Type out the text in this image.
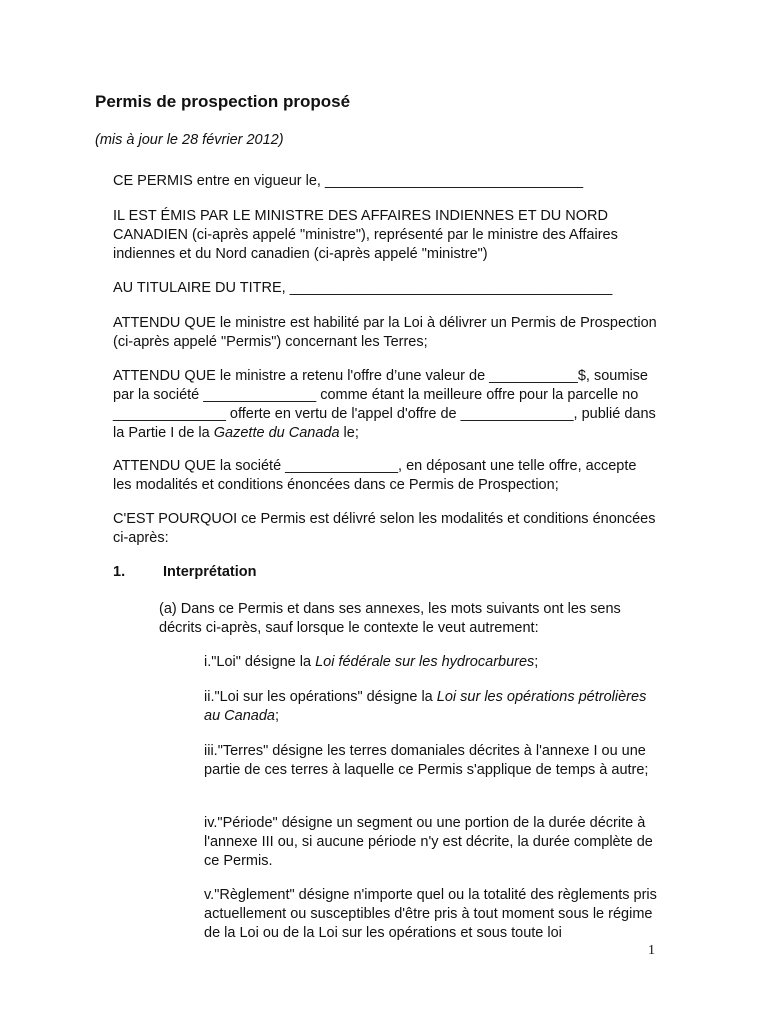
Permis de prospection proposé

(mis à jour le 28 février 2012)

CE PERMIS entre en vigueur le, ________________________________

IL EST ÉMIS PAR LE MINISTRE DES AFFAIRES INDIENNES ET DU NORD CANADIEN (ci-après appelé "ministre"), représenté par le ministre des Affaires indiennes et du Nord canadien (ci-après appelé "ministre")

AU TITULAIRE DU TITRE, ________________________________________

ATTENDU QUE le ministre est habilité par la Loi à délivrer un Permis de Prospection (ci-après appelé "Permis") concernant les Terres;

ATTENDU QUE le ministre a retenu l'offre d’une valeur de ___________$, soumise par la société ______________ comme étant la meilleure offre pour la parcelle no ______________ offerte en vertu de l'appel d'offre de ______________, publié dans la Partie I de la Gazette du Canada le;

ATTENDU QUE la société ______________, en déposant une telle offre, accepte les modalités et conditions énoncées dans ce Permis de Prospection;

C'EST POURQUOI ce Permis est délivré selon les modalités et conditions énoncées ci-après:

1.	Interprétation

(a) Dans ce Permis et dans ses annexes, les mots suivants ont les sens décrits ci-après, sauf lorsque le contexte le veut autrement:

i."Loi" désigne la Loi fédérale sur les hydrocarbures;

ii."Loi sur les opérations" désigne la Loi sur les opérations pétrolières au Canada;

iii."Terres" désigne les terres domaniales décrites à l'annexe I ou une partie de ces terres à laquelle ce Permis s'applique de temps à autre;

iv."Période" désigne un segment ou une portion de la durée décrite à l'annexe III ou, si aucune période n'y est décrite, la durée complète de ce Permis.

v."Règlement" désigne n'importe quel ou la totalité des règlements pris actuellement ou susceptibles d'être pris à tout moment sous le régime de la Loi ou de la Loi sur les opérations et sous toute loi

1
